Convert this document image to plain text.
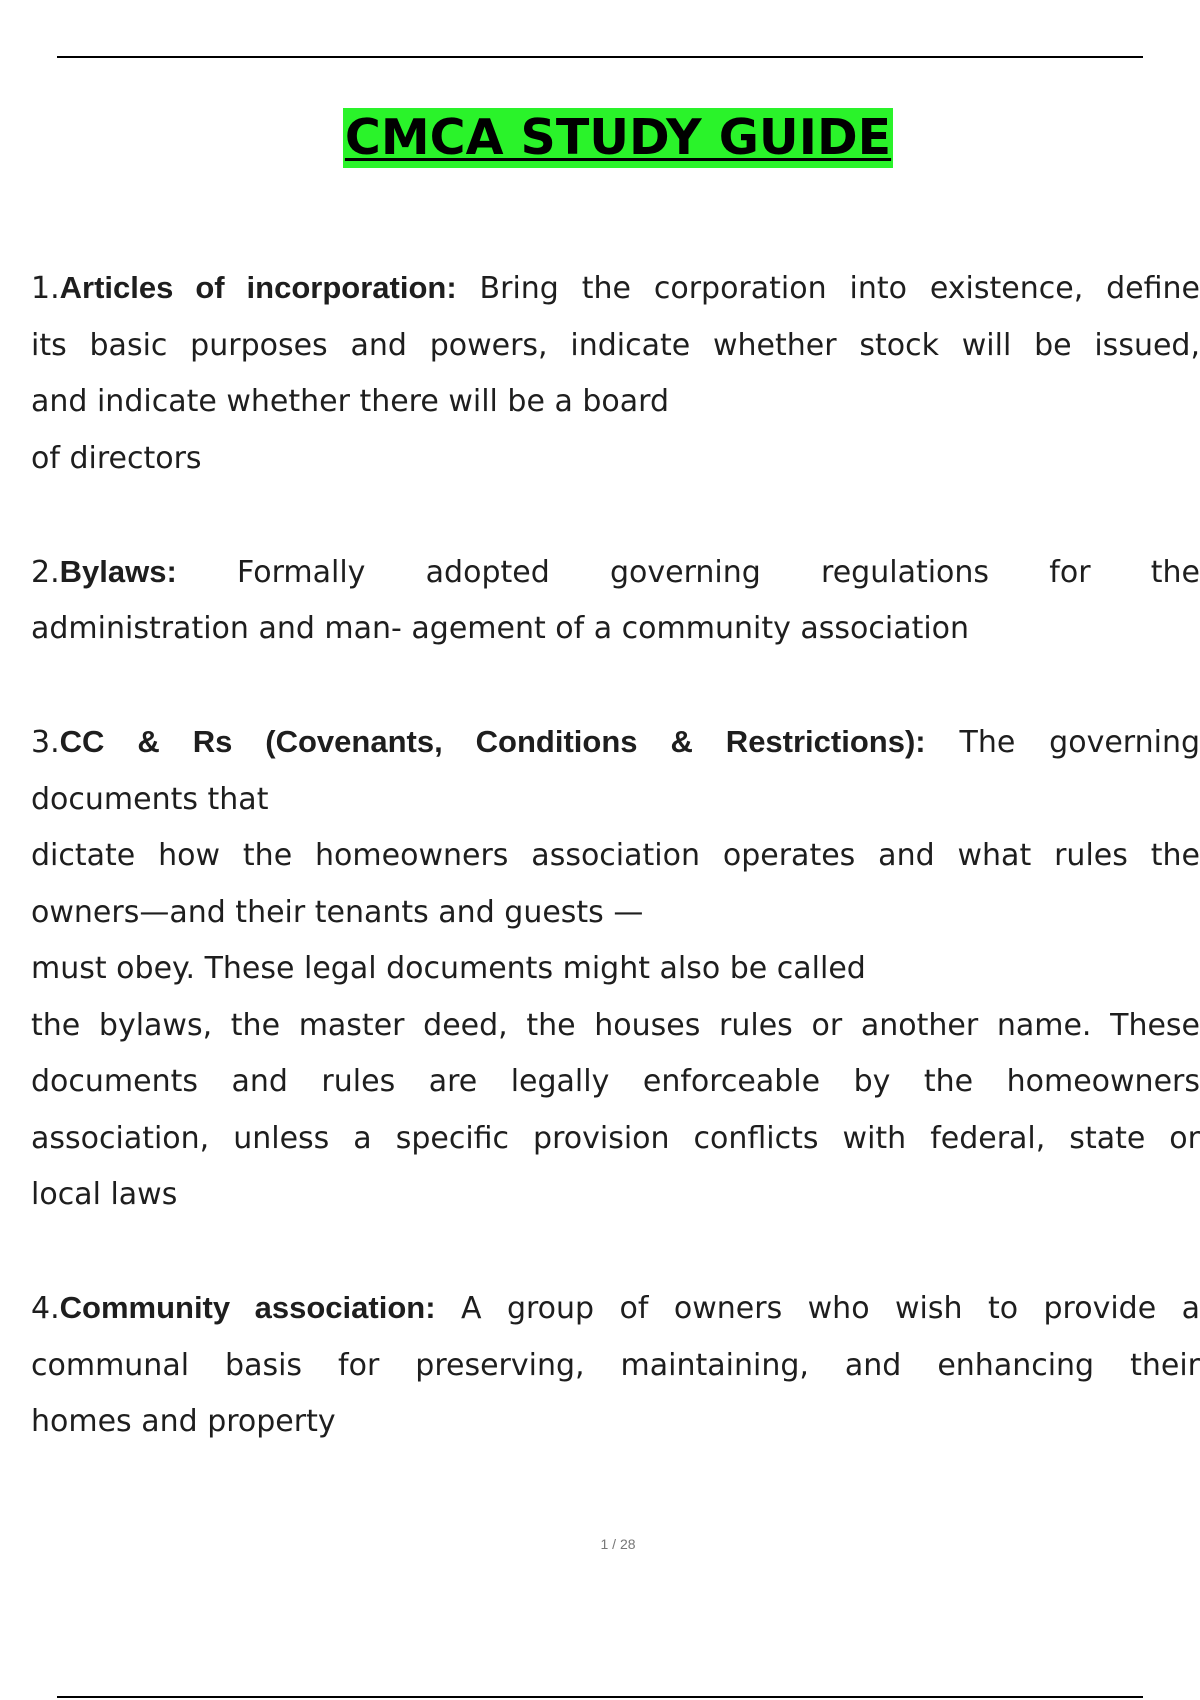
CMCA STUDY GUIDE
1.Articles of incorporation: Bring the corporation into existence, define
its basic purposes and powers, indicate whether stock will be issued,
and indicate whether there will be a board
of directors
2.Bylaws: Formally adopted governing regulations for the
administration and man- agement of a community association
3.CC & Rs (Covenants, Conditions & Restrictions): The governing
documents that
dictate how the homeowners association operates and what rules the
owners—and their tenants and guests —
must obey. These legal documents might also be called
the bylaws, the master deed, the houses rules or another name. These
documents and rules are legally enforceable by the homeowners
association, unless a specific provision conflicts with federal, state or
local laws
4.Community association: A group of owners who wish to provide a
communal basis for preserving, maintaining, and enhancing their
homes and property
1 / 28
